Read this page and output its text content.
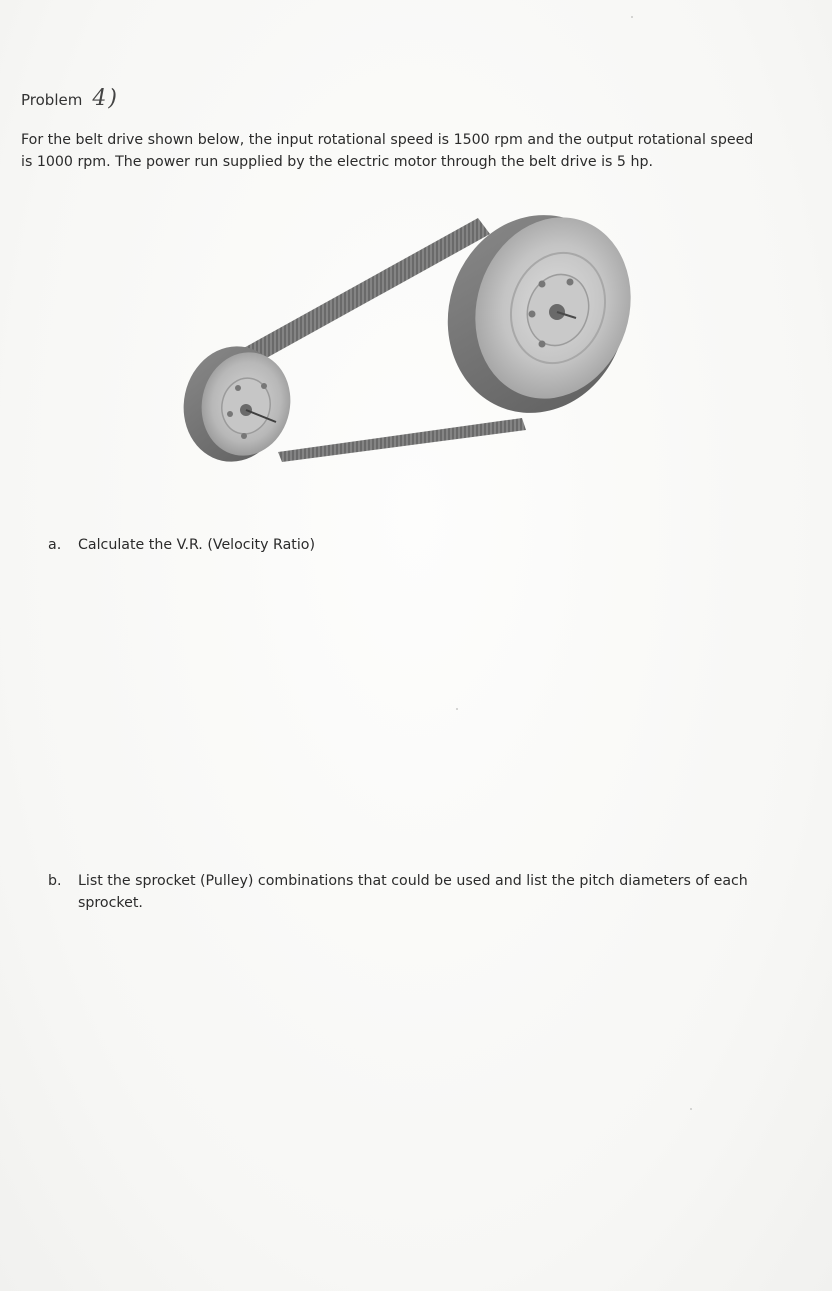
Problem 4)
For the belt drive shown below, the input rotational speed is 1500 rpm and the output rotational speed
is 1000 rpm. The power run supplied by the electric motor through the belt drive is 5 hp.
a. Calculate the V.R. (Velocity Ratio)
b. List the sprocket (Pulley) combinations that could be used and list the pitch diameters of each
sprocket.
